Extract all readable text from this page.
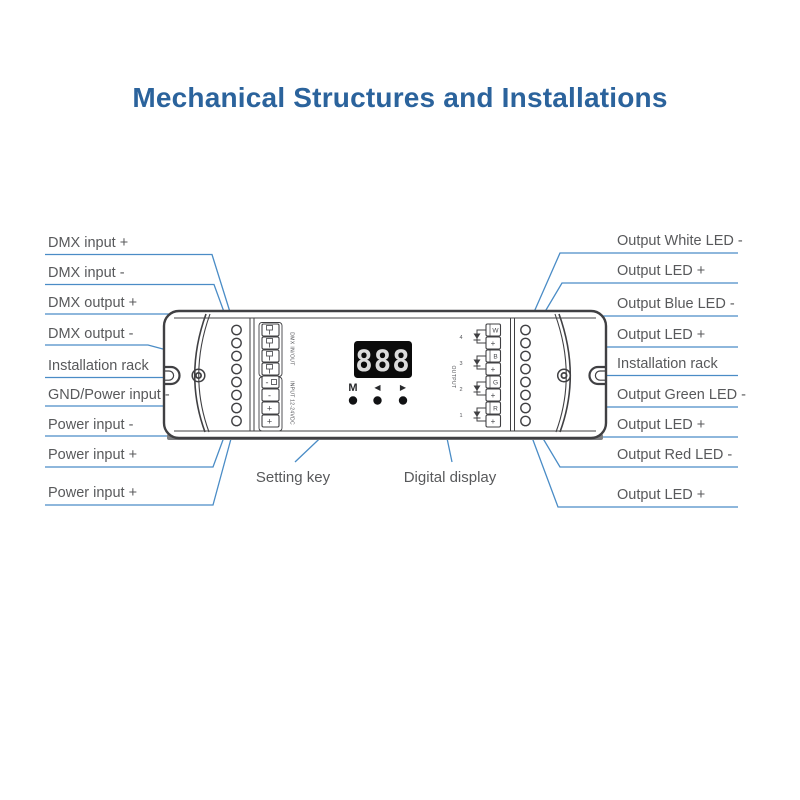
Mechanical Structures and Installations
-
-
+
+
DMX IN/OUT
INPUT 12-24VDC
888
M ◀ ▶	OUTPUT
4
W
+
3
B
+
2
G
+
1
R
+
DMX input +
DMX input -
DMX output +
DMX output -
Installation rack
GND/Power input -
Power input -
Power input +
Power input +
Output White LED -
Output LED +
Output Blue LED -
Output LED +
Installation rack
Output Green LED -
Output LED +
Output Red LED -
Output LED +
Setting key	Digital display
